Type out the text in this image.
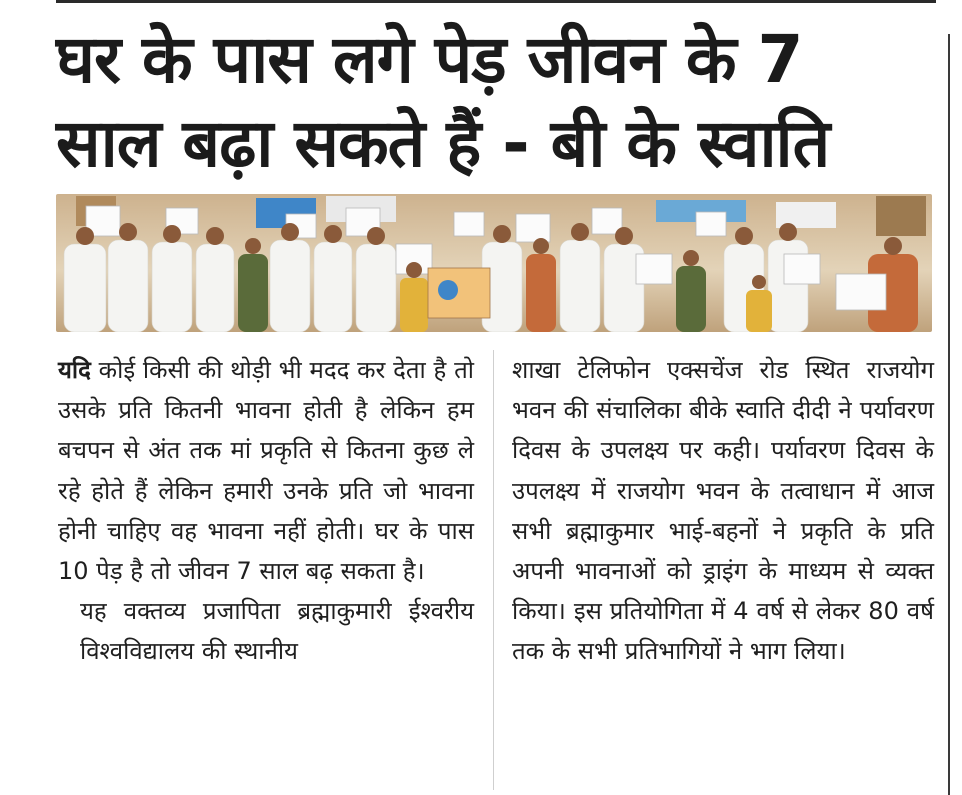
घर के पास लगे पेड़ जीवन के 7
साल बढ़ा सकते हैं - बी के स्वाति

यदि कोई किसी की थोड़ी भी मदद कर देता है तो उसके प्रति कितनी भावना होती है लेकिन हम बचपन से अंत तक मां प्रकृति से कितना कुछ ले रहे होते हैं लेकिन हमारी उनके प्रति जो भावना होनी चाहिए वह भावना नहीं होती। घर के पास 10 पेड़ है तो जीवन 7 साल बढ़ सकता है।

यह वक्तव्य प्रजापिता ब्रह्माकुमारी ईश्वरीय विश्वविद्यालय की स्थानीय

शाखा टेलिफोन एक्सचेंज रोड स्थित राजयोग भवन की संचालिका बीके स्वाति दीदी ने पर्यावरण दिवस के उपलक्ष्य पर कही। पर्यावरण दिवस के उपलक्ष्य में राजयोग भवन के तत्वाधान में आज सभी ब्रह्माकुमार भाई-बहनों ने प्रकृति के प्रति अपनी भावनाओं को ड्राइंग के माध्यम से व्यक्त किया। इस प्रतियोगिता में 4 वर्ष से लेकर 80 वर्ष तक के सभी प्रतिभागियों ने भाग लिया।
